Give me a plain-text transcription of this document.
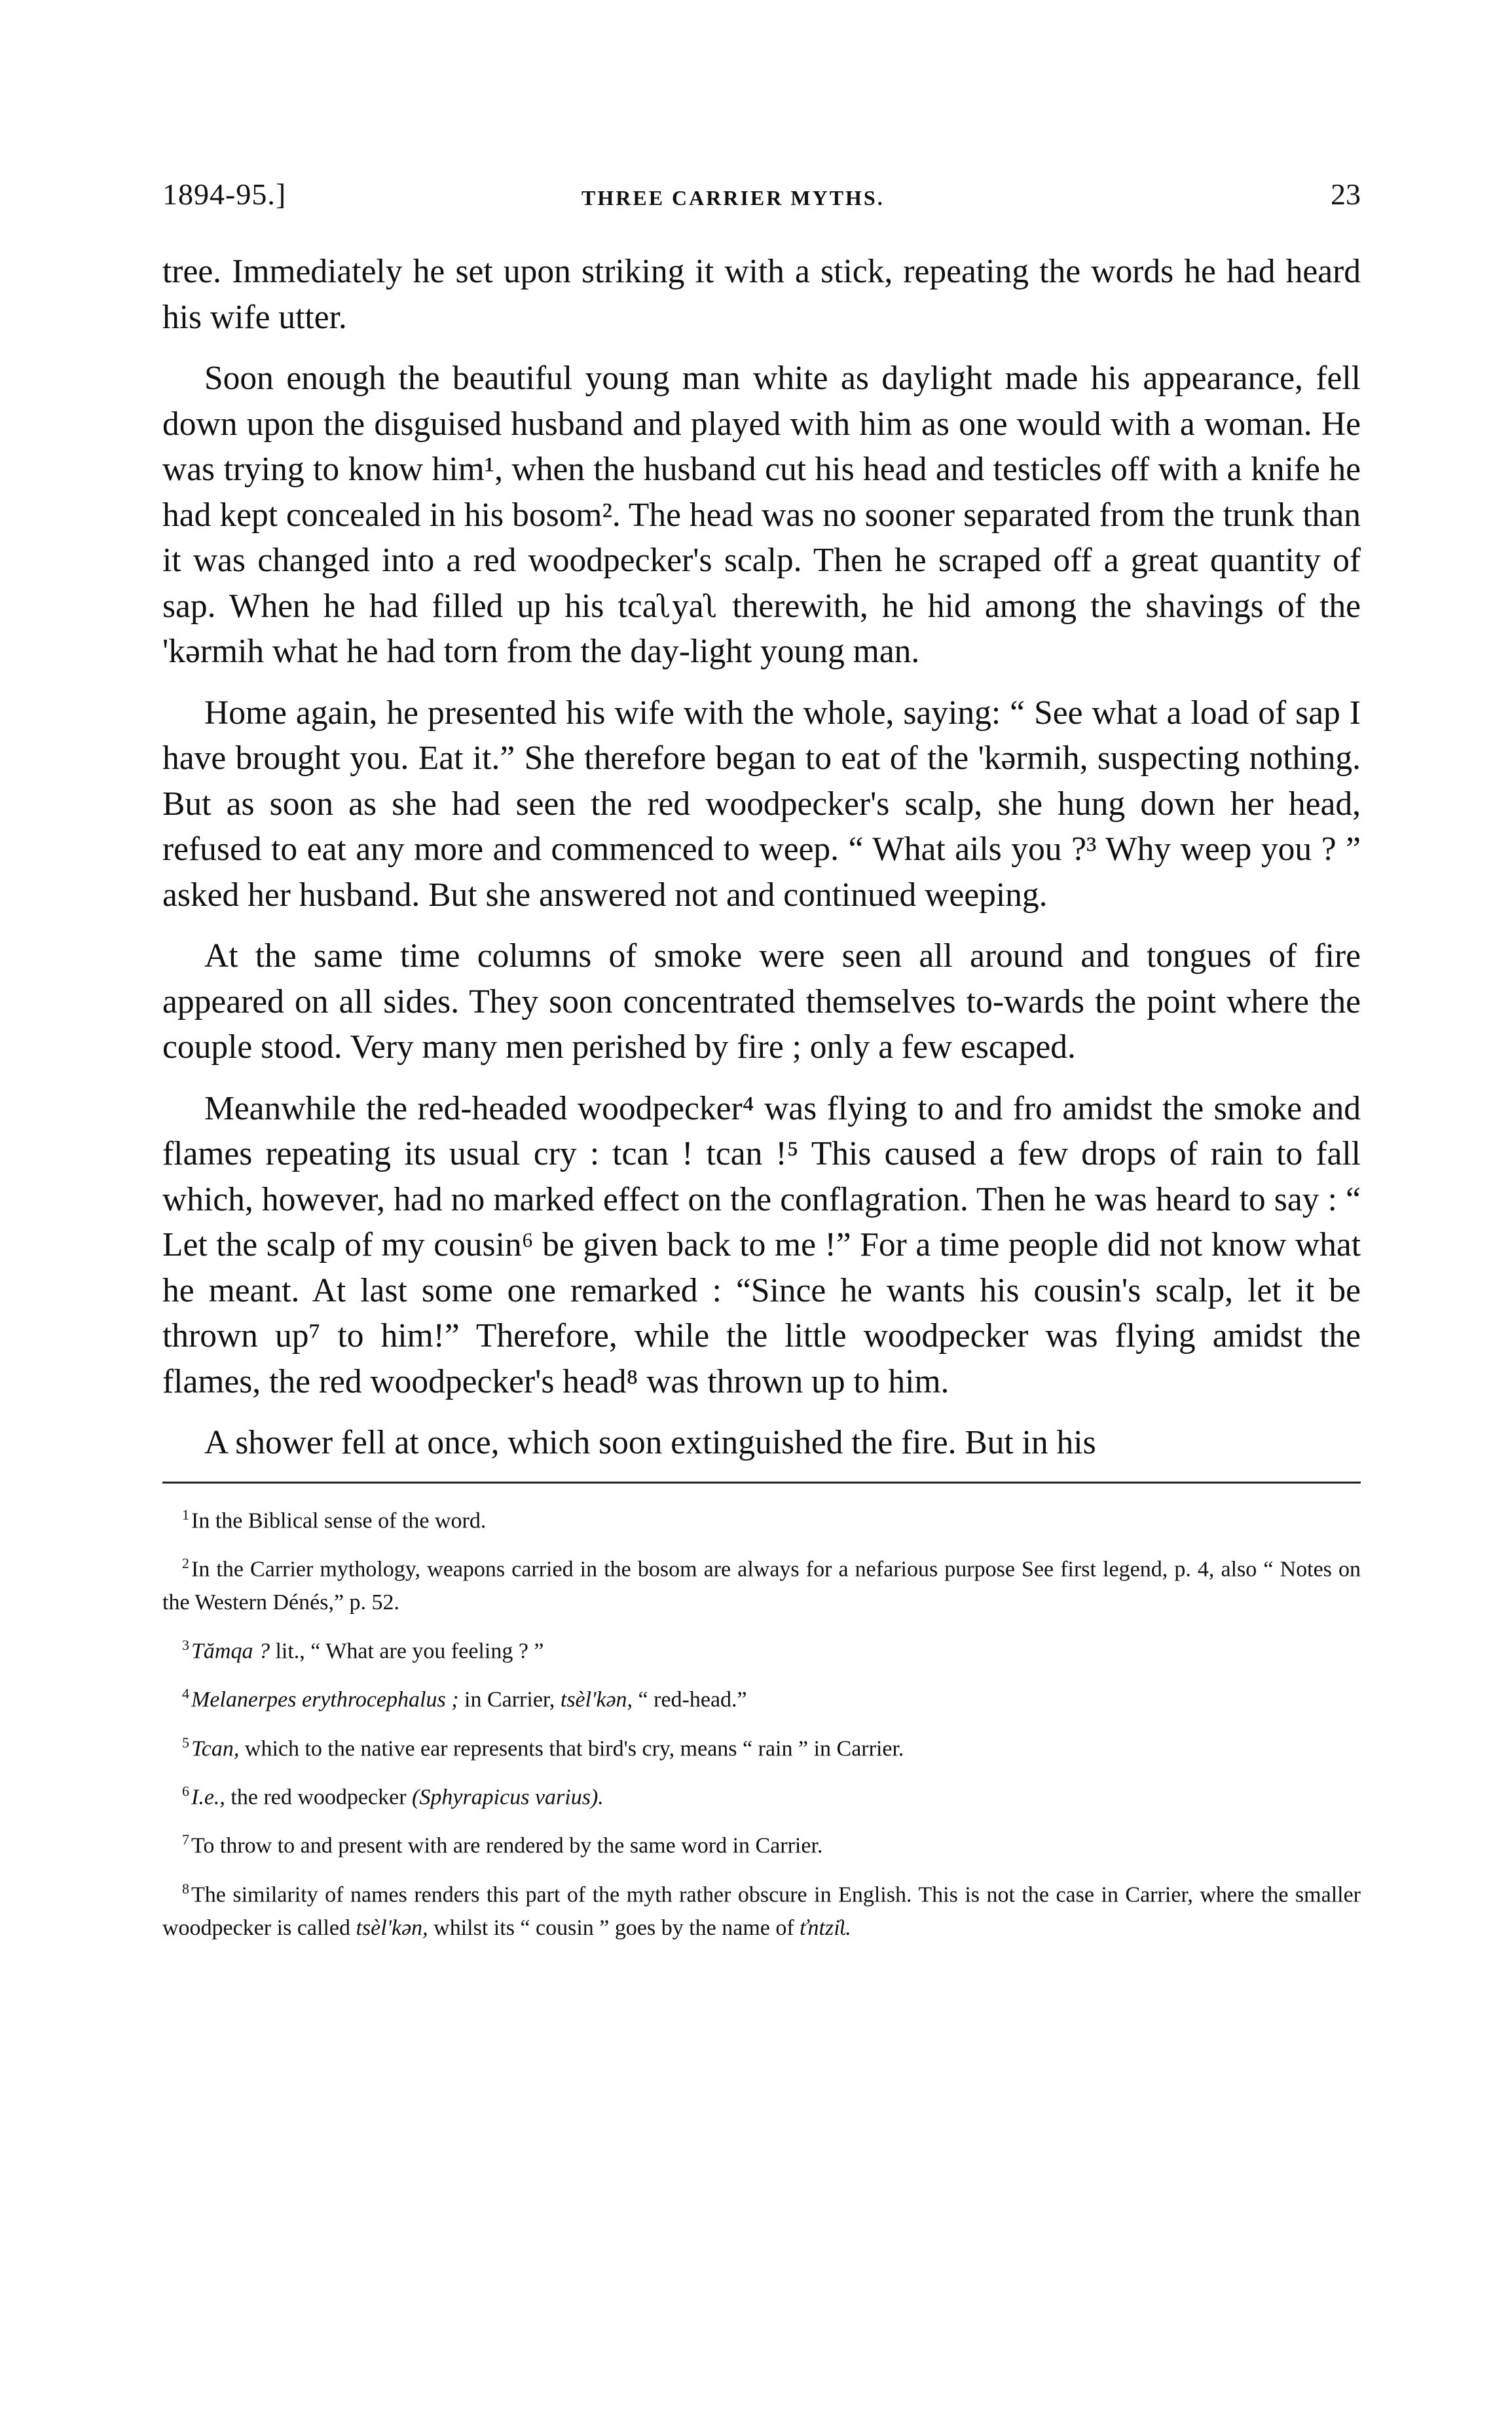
1894-95.]	THREE CARRIER MYTHS.	23

tree. Immediately he set upon striking it with a stick, repeating the words he had heard his wife utter.

Soon enough the beautiful young man white as daylight made his appearance, fell down upon the disguised husband and played with him as one would with a woman. He was trying to know him¹, when the husband cut his head and testicles off with a knife he had kept concealed in his bosom². The head was no sooner separated from the trunk than it was changed into a red woodpecker's scalp. Then he scraped off a great quantity of sap. When he had filled up his tcaʅyaʅ therewith, he hid among the shavings of the 'kərmih what he had torn from the day-light young man.

Home again, he presented his wife with the whole, saying: “ See what a load of sap I have brought you. Eat it.” She therefore began to eat of the 'kərmih, suspecting nothing. But as soon as she had seen the red woodpecker's scalp, she hung down her head, refused to eat any more and commenced to weep. “ What ails you ?³ Why weep you ? ” asked her husband. But she answered not and continued weeping.

At the same time columns of smoke were seen all around and tongues of fire appeared on all sides. They soon concentrated themselves to-wards the point where the couple stood. Very many men perished by fire ; only a few escaped.

Meanwhile the red-headed woodpecker⁴ was flying to and fro amidst the smoke and flames repeating its usual cry : tcan ! tcan !⁵ This caused a few drops of rain to fall which, however, had no marked effect on the conflagration. Then he was heard to say : “ Let the scalp of my cousin⁶ be given back to me !” For a time people did not know what he meant. At last some one remarked : “Since he wants his cousin's scalp, let it be thrown up⁷ to him!” Therefore, while the little woodpecker was flying amidst the flames, the red woodpecker's head⁸ was thrown up to him.

A shower fell at once, which soon extinguished the fire. But in his

$^1$In the Biblical sense of the word.

$^2$In the Carrier mythology, weapons carried in the bosom are always for a nefarious purpose See first legend, p. 4, also “ Notes on the Western Dénés,” p. 52.

$^3$Tămqa ? lit., “ What are you feeling ? ”

$^4$Melanerpes erythrocephalus ; in Carrier, tsèl'kən, “ red-head.”

$^5$Tcan, which to the native ear represents that bird's cry, means “ rain ” in Carrier.

$^6$I.e., the red woodpecker (Sphyrapicus varius).

$^7$To throw to and present with are rendered by the same word in Carrier.

$^8$The similarity of names renders this part of the myth rather obscure in English. This is not the case in Carrier, where the smaller woodpecker is called tsèl'kən, whilst its “ cousin ” goes by the name of ťntziʅ.
